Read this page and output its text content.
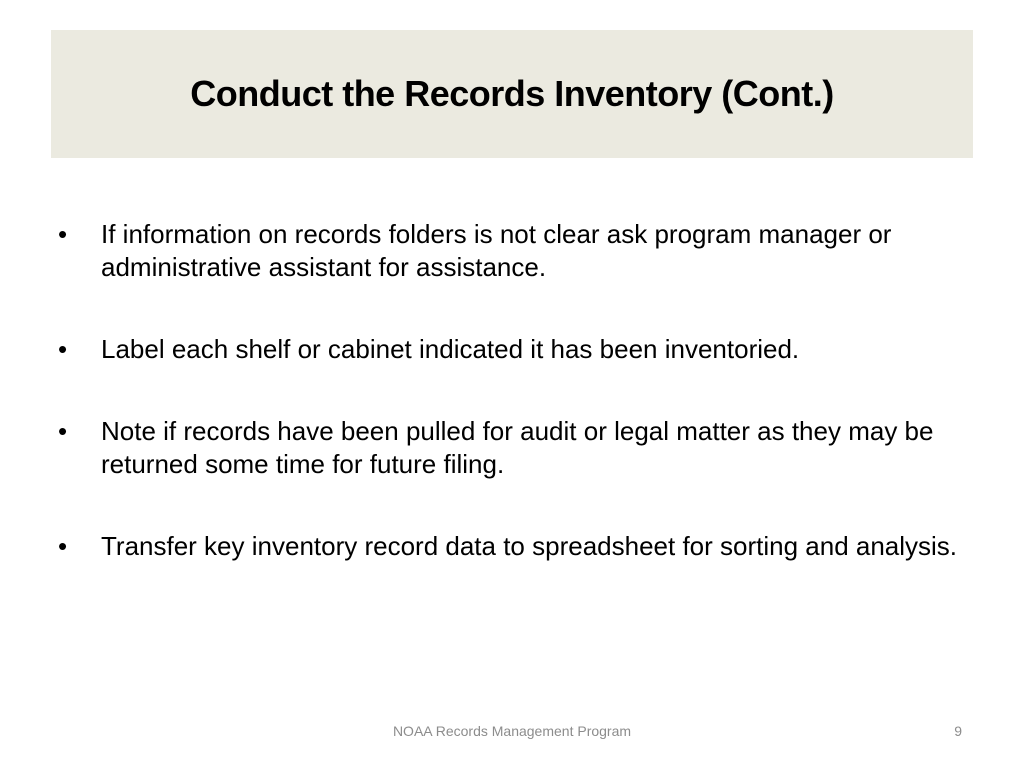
Conduct the Records Inventory (Cont.)
•	If information on records folders is not clear ask program manager or administrative assistant for assistance.
•	Label each shelf or cabinet indicated it has been inventoried.
•	Note if records have been pulled for audit or legal matter as they may be returned some time for future filing.
•	Transfer key inventory record data to spreadsheet for sorting and analysis.
NOAA Records Management Program	9
